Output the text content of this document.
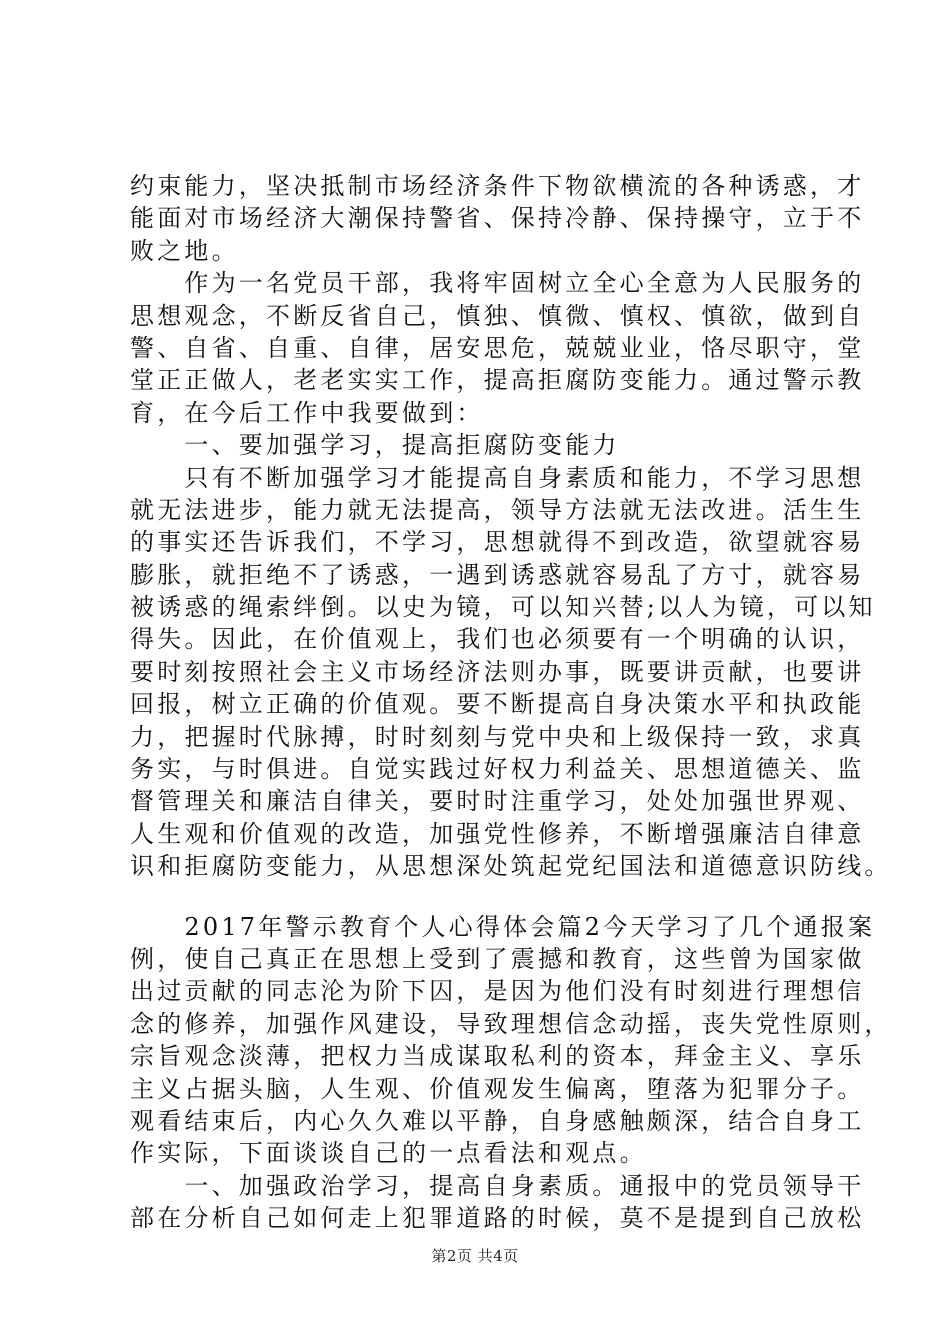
约束能力，坚决抵制市场经济条件下物欲横流的各种诱惑，才
能面对市场经济大潮保持警省、保持冷静、保持操守，立于不
败之地。
　　作为一名党员干部，我将牢固树立全心全意为人民服务的
思想观念，不断反省自己，慎独、慎微、慎权、慎欲，做到自
警、自省、自重、自律，居安思危，兢兢业业，恪尽职守，堂
堂正正做人，老老实实工作，提高拒腐防变能力。通过警示教
育，在今后工作中我要做到：
　　一、要加强学习，提高拒腐防变能力
　　只有不断加强学习才能提高自身素质和能力，不学习思想
就无法进步，能力就无法提高，领导方法就无法改进。活生生
的事实还告诉我们，不学习，思想就得不到改造，欲望就容易
膨胀，就拒绝不了诱惑，一遇到诱惑就容易乱了方寸，就容易
被诱惑的绳索绊倒。以史为镜，可以知兴替;以人为镜，可以知
得失。因此，在价值观上，我们也必须要有一个明确的认识，
要时刻按照社会主义市场经济法则办事，既要讲贡献，也要讲
回报，树立正确的价值观。要不断提高自身决策水平和执政能
力，把握时代脉搏，时时刻刻与党中央和上级保持一致，求真
务实，与时俱进。自觉实践过好权力利益关、思想道德关、监
督管理关和廉洁自律关，要时时注重学习，处处加强世界观、
人生观和价值观的改造，加强党性修养，不断增强廉洁自律意
识和拒腐防变能力，从思想深处筑起党纪国法和道德意识防线。
　　2017年警示教育个人心得体会篇2今天学习了几个通报案
例，使自己真正在思想上受到了震撼和教育，这些曾为国家做
出过贡献的同志沦为阶下囚，是因为他们没有时刻进行理想信
念的修养，加强作风建设，导致理想信念动摇，丧失党性原则，
宗旨观念淡薄，把权力当成谋取私利的资本，拜金主义、享乐
主义占据头脑，人生观、价值观发生偏离，堕落为犯罪分子。
观看结束后，内心久久难以平静，自身感触颇深，结合自身工
作实际，下面谈谈自己的一点看法和观点。
　　一、加强政治学习，提高自身素质。通报中的党员领导干
部在分析自己如何走上犯罪道路的时候，莫不是提到自己放松
第2页 共4页
